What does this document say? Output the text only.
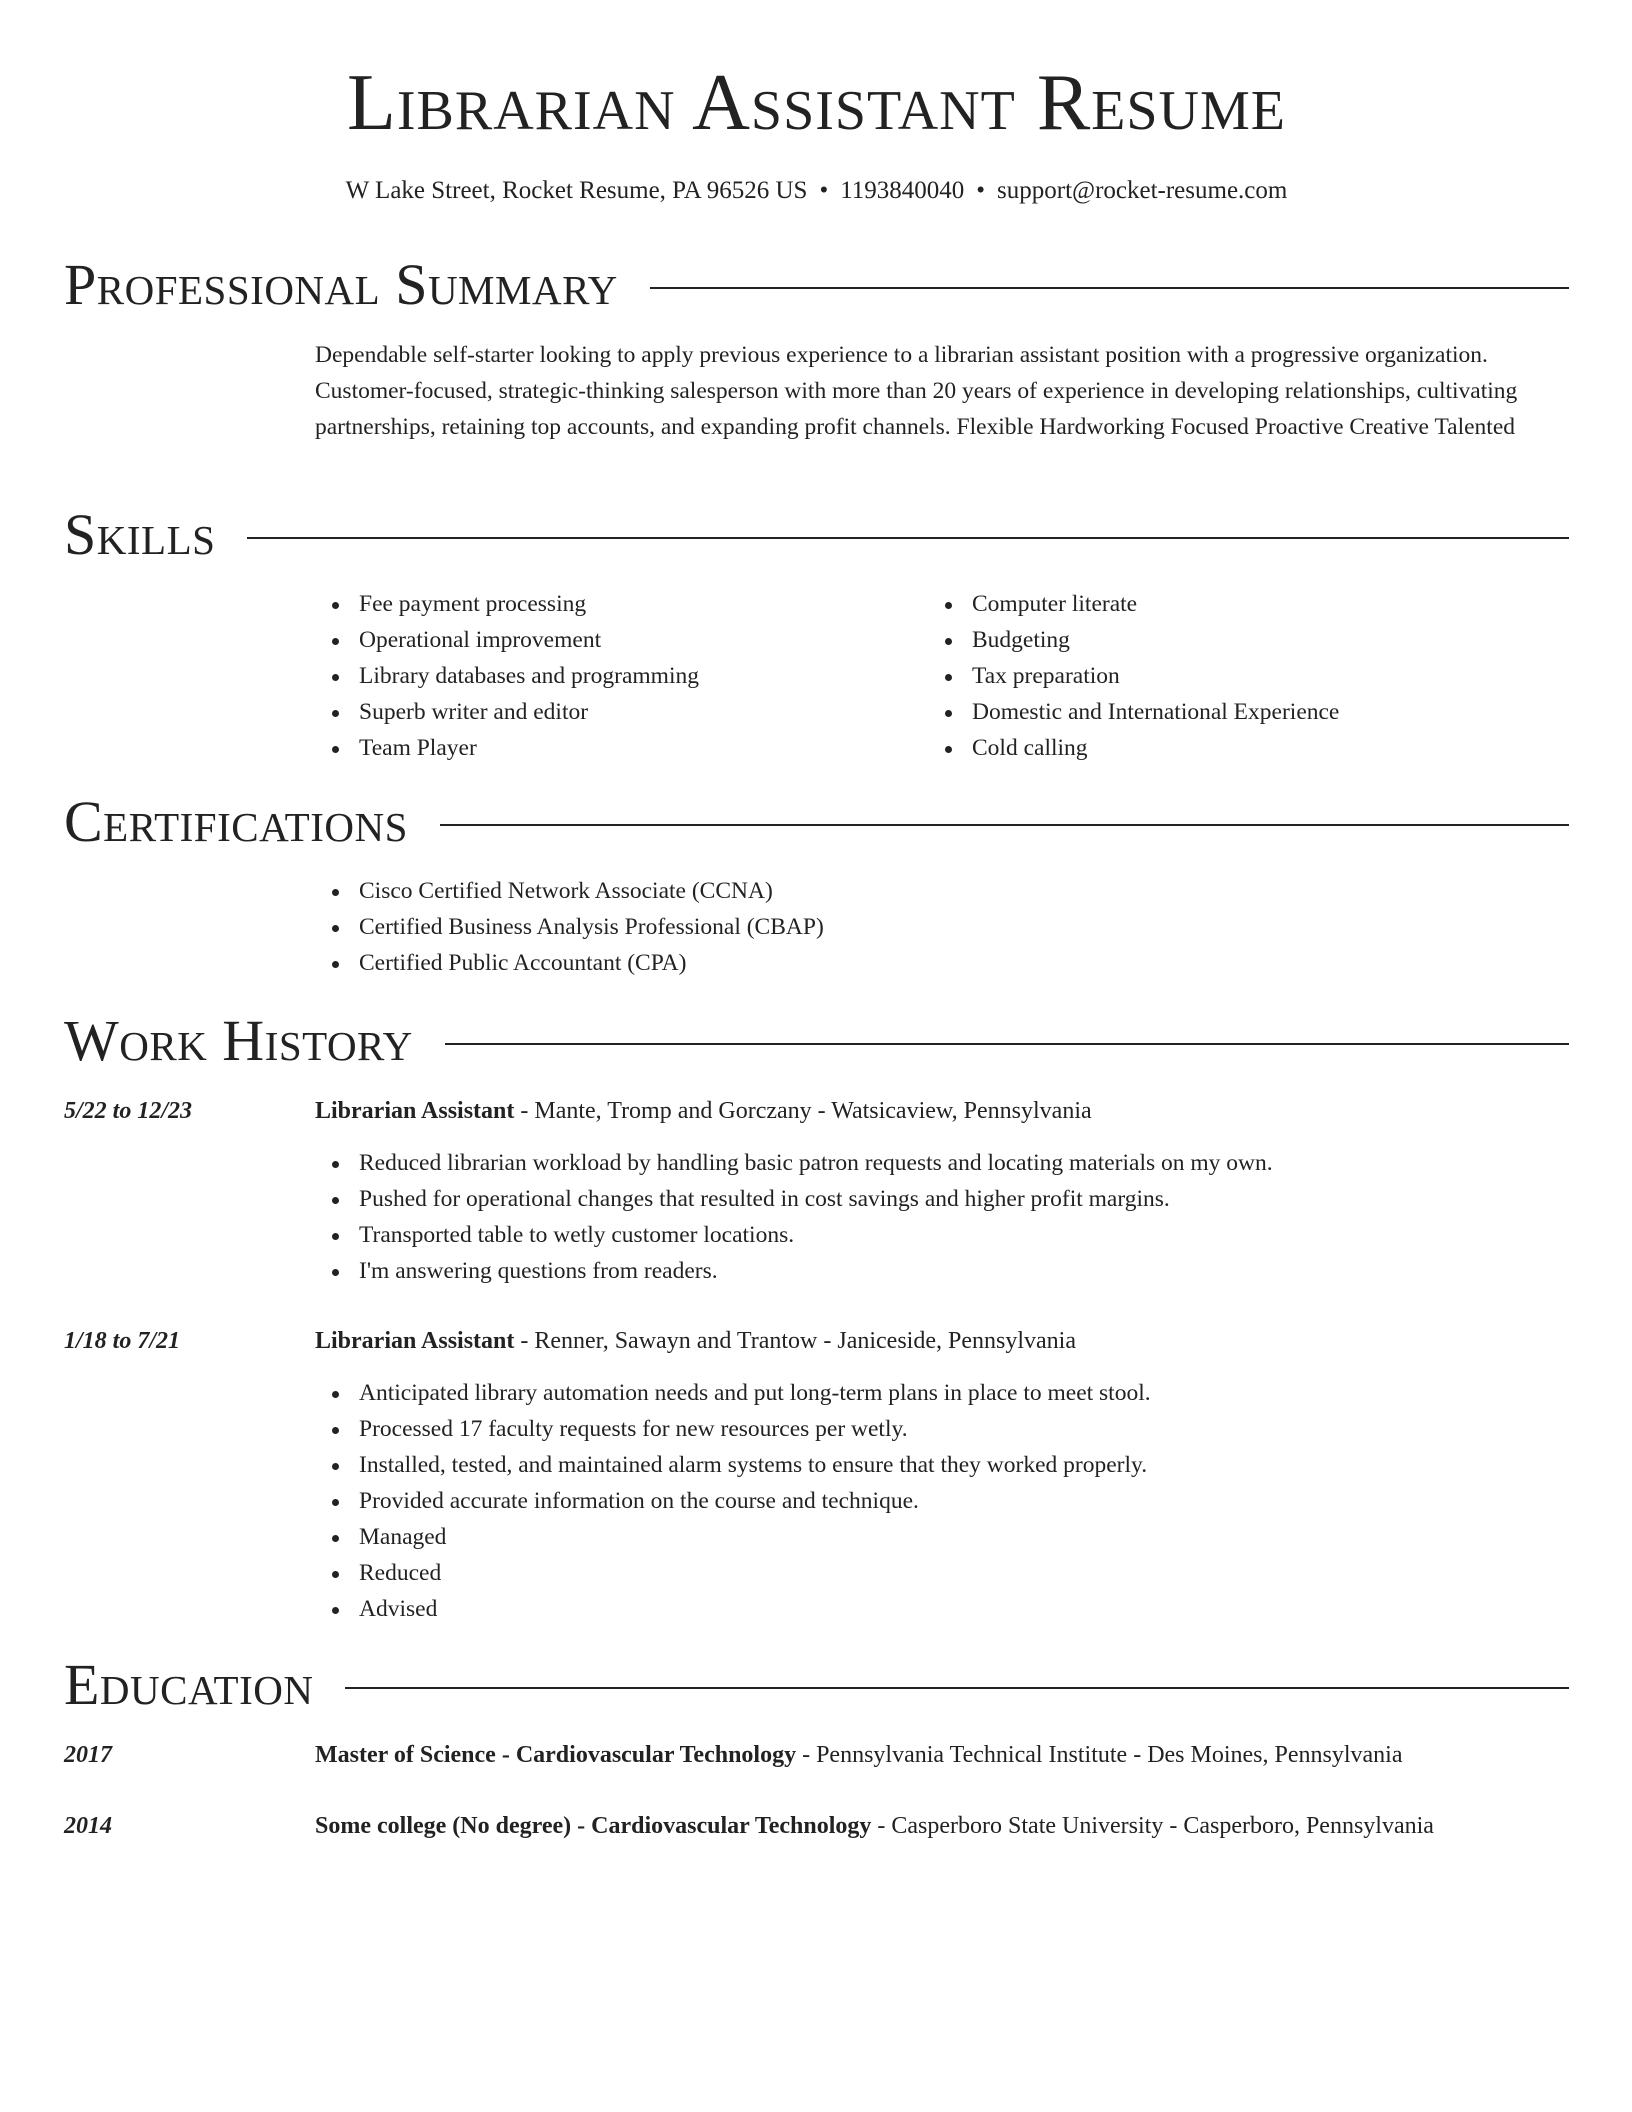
Librarian Assistant Resume
W Lake Street, Rocket Resume, PA 96526 US • 1193840040 • support@rocket-resume.com
Professional Summary

Dependable self-starter looking to apply previous experience to a librarian assistant position with a progressive organization. Customer-focused, strategic-thinking salesperson with more than 20 years of experience in developing relationships, cultivating partnerships, retaining top accounts, and expanding profit channels. Flexible Hardworking Focused Proactive Creative Talented

Skills
Fee payment processing
Operational improvement
Library databases and programming
Superb writer and editor
Team Player
Computer literate
Budgeting
Tax preparation
Domestic and International Experience
Cold calling
Certifications
Cisco Certified Network Associate (CCNA)
Certified Business Analysis Professional (CBAP)
Certified Public Accountant (CPA)
Work History
5/22 to 12/23	Librarian Assistant - Mante, Tromp and Gorczany - Watsicaview, Pennsylvania
Reduced librarian workload by handling basic patron requests and locating materials on my own.
Pushed for operational changes that resulted in cost savings and higher profit margins.
Transported table to wetly customer locations.
I'm answering questions from readers.
1/18 to 7/21	Librarian Assistant - Renner, Sawayn and Trantow - Janiceside, Pennsylvania
Anticipated library automation needs and put long-term plans in place to meet stool.
Processed 17 faculty requests for new resources per wetly.
Installed, tested, and maintained alarm systems to ensure that they worked properly.
Provided accurate information on the course and technique.
Managed
Reduced
Advised
Education
2017	Master of Science - Cardiovascular Technology - Pennsylvania Technical Institute - Des Moines, Pennsylvania
2014	Some college (No degree) - Cardiovascular Technology - Casperboro State University - Casperboro, Pennsylvania
